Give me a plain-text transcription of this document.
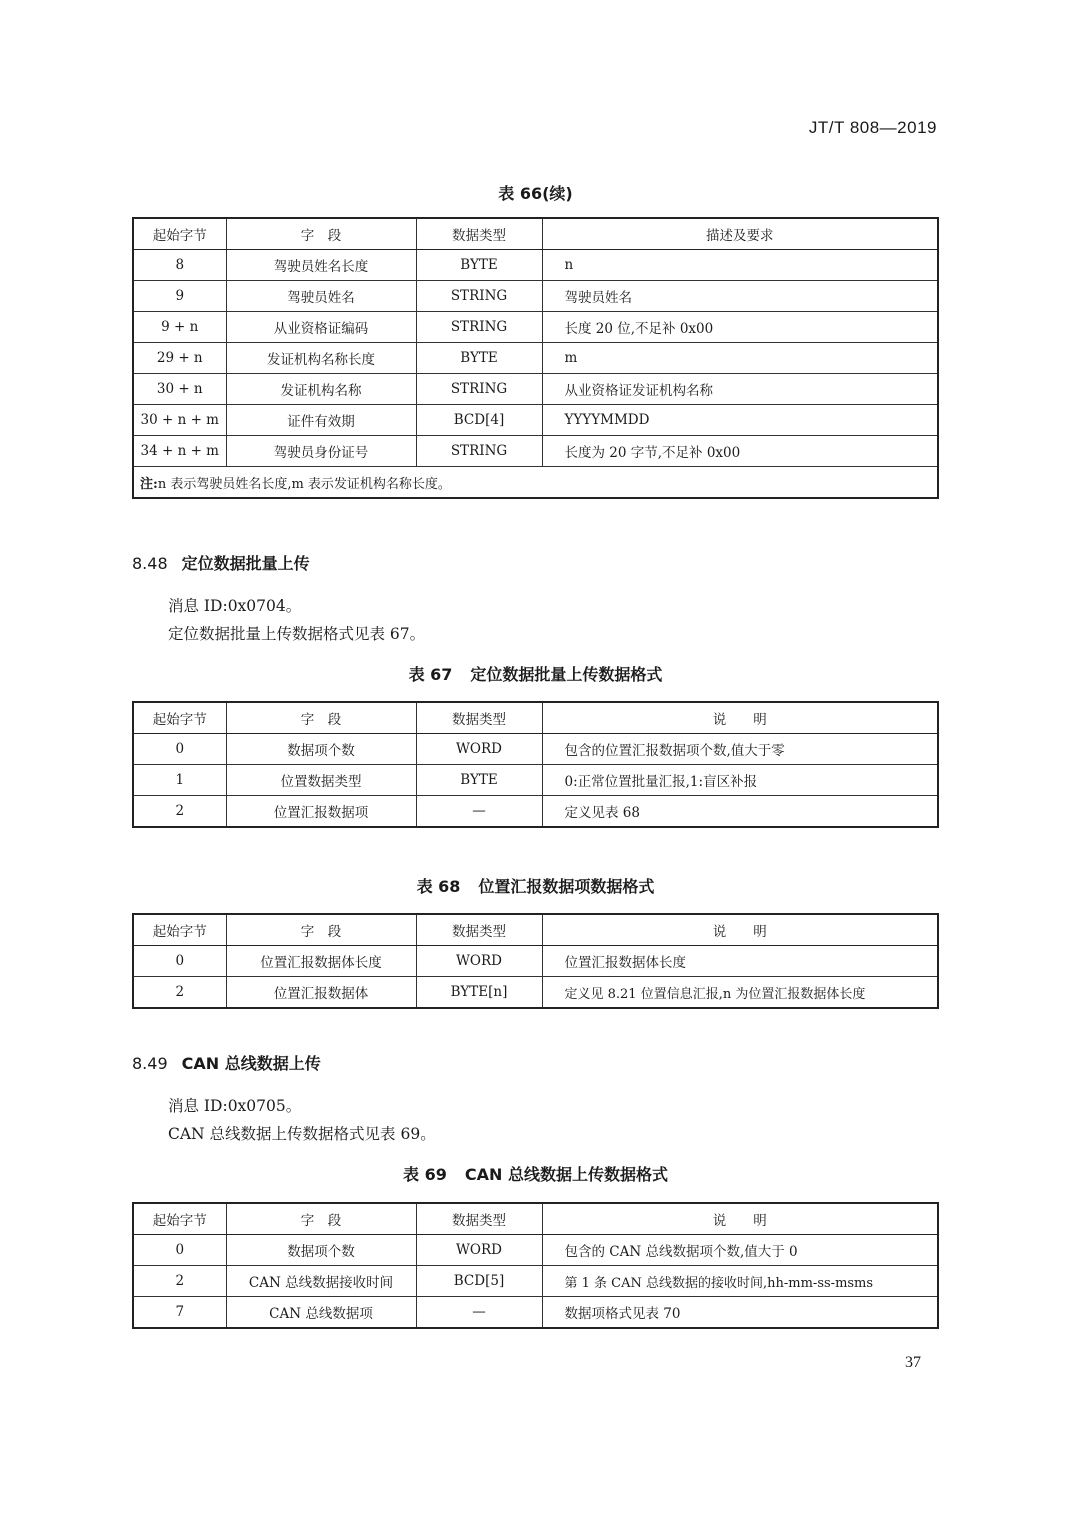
JT/T 808—2019
表 66(续)
起始字节	字　段	数据类型	描述及要求
8	驾驶员姓名长度	BYTE	n
9	驾驶员姓名	STRING	驾驶员姓名
9 + n	从业资格证编码	STRING	长度 20 位,不足补 0x00
29 + n	发证机构名称长度	BYTE	m
30 + n	发证机构名称	STRING	从业资格证发证机构名称
30 + n + m	证件有效期	BCD[4]	YYYYMMDD
34 + n + m	驾驶员身份证号	STRING	长度为 20 字节,不足补 0x00
注:n 表示驾驶员姓名长度,m 表示发证机构名称长度。			
8.48 定位数据批量上传
消息 ID:0x0704。
定位数据批量上传数据格式见表 67。
表 67 定位数据批量上传数据格式
起始字节	字　段	数据类型	说　　明
0	数据项个数	WORD	包含的位置汇报数据项个数,值大于零
1	位置数据类型	BYTE	0:正常位置批量汇报,1:盲区补报
2	位置汇报数据项	—	定义见表 68
表 68 位置汇报数据项数据格式
起始字节	字　段	数据类型	说　　明
0	位置汇报数据体长度	WORD	位置汇报数据体长度
2	位置汇报数据体	BYTE[n]	定义见 8.21 位置信息汇报,n 为位置汇报数据体长度
8.49 CAN 总线数据上传
消息 ID:0x0705。
CAN 总线数据上传数据格式见表 69。
表 69 CAN 总线数据上传数据格式
起始字节	字　段	数据类型	说　　明
0	数据项个数	WORD	包含的 CAN 总线数据项个数,值大于 0
2	CAN 总线数据接收时间	BCD[5]	第 1 条 CAN 总线数据的接收时间,hh-mm-ss-msms
7	CAN 总线数据项	—	数据项格式见表 70
37
